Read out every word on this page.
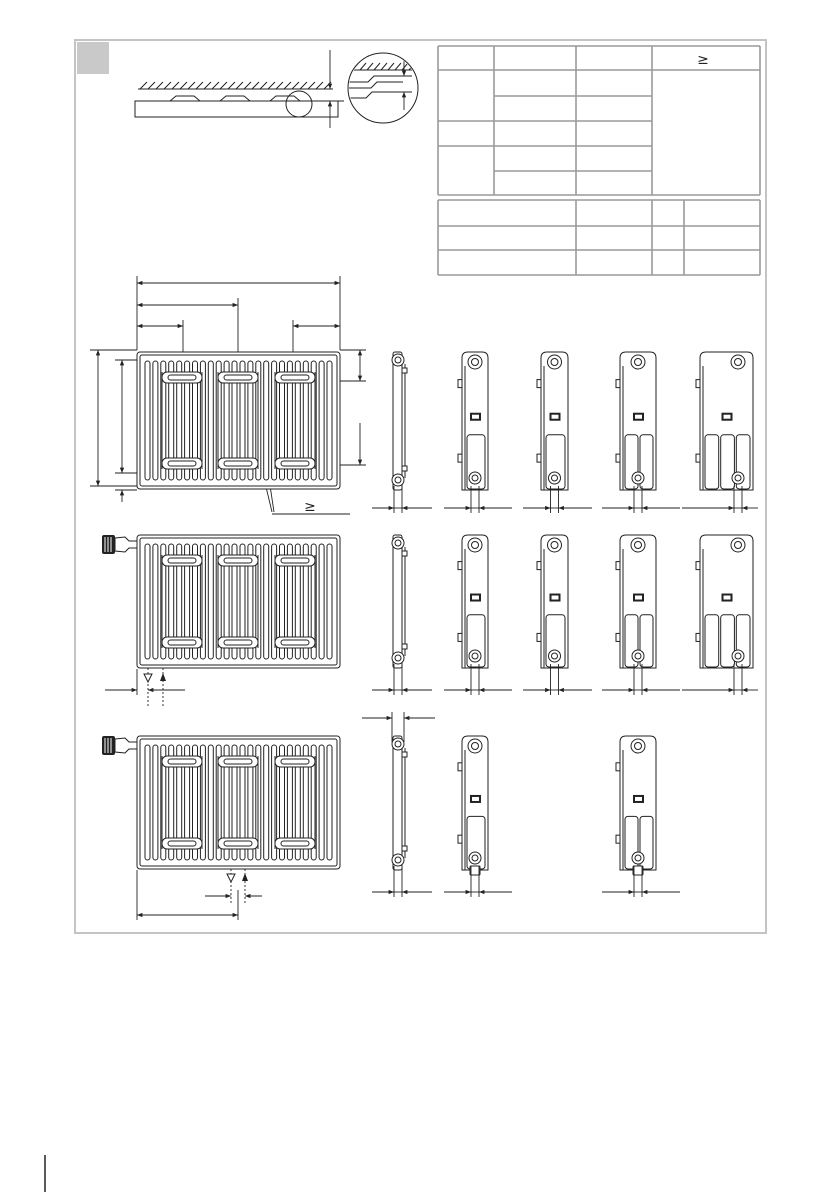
≥
≥
